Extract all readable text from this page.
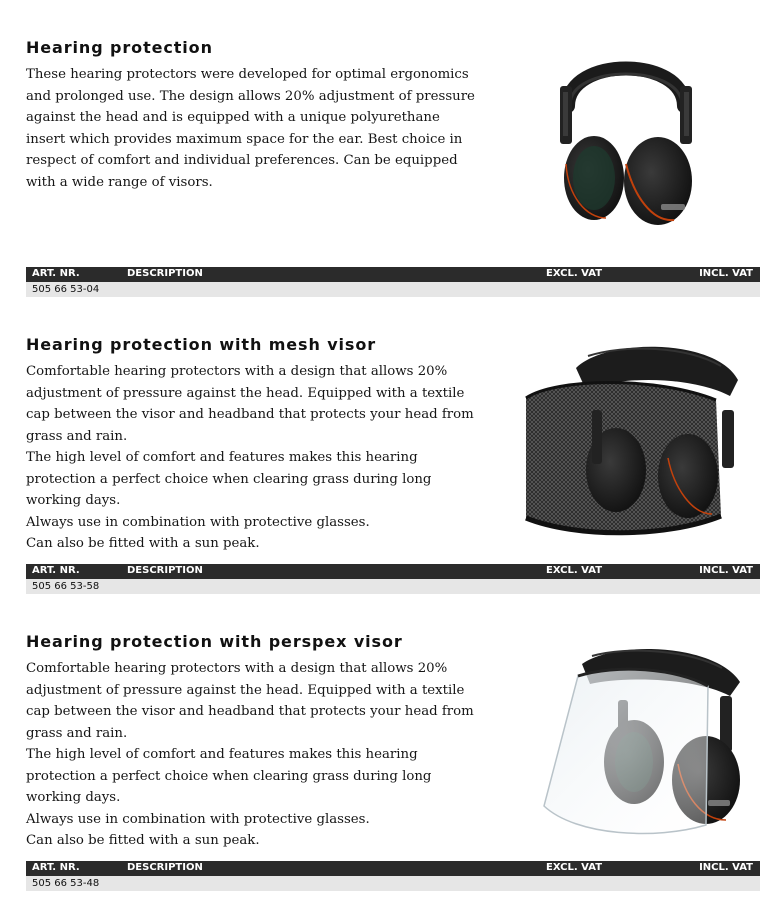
Hearing protection

These hearing protectors were developed for optimal ergonomics and prolonged use. The design allows 20% adjustment of pressure against the head and is equipped with a unique polyurethane insert which provides maximum space for the ear. Best choice in respect of comfort and individual preferences. Can be equipped with a wide range of visors.

ART. NR.	DESCRIPTION	EXCL. VAT	INCL. VAT
505 66 53-04
Hearing protection with mesh visor

Comfortable hearing protectors with a design that allows 20% adjustment of pressure against the head. Equipped with a textile cap between the visor and headband that protects your head from grass and rain.

The high level of comfort and features makes this hearing protection a perfect choice when clearing grass during long working days.

Always use in combination with protective glasses.

Can also be fitted with a sun peak.

ART. NR.	DESCRIPTION	EXCL. VAT	INCL. VAT
505 66 53-58
Hearing protection with perspex visor

Comfortable hearing protectors with a design that allows 20% adjustment of pressure against the head. Equipped with a textile cap between the visor and headband that protects your head from grass and rain.

The high level of comfort and features makes this hearing protection a perfect choice when clearing grass during long working days.

Always use in combination with protective glasses.

Can also be fitted with a sun peak.

ART. NR.	DESCRIPTION	EXCL. VAT	INCL. VAT
505 66 53-48
